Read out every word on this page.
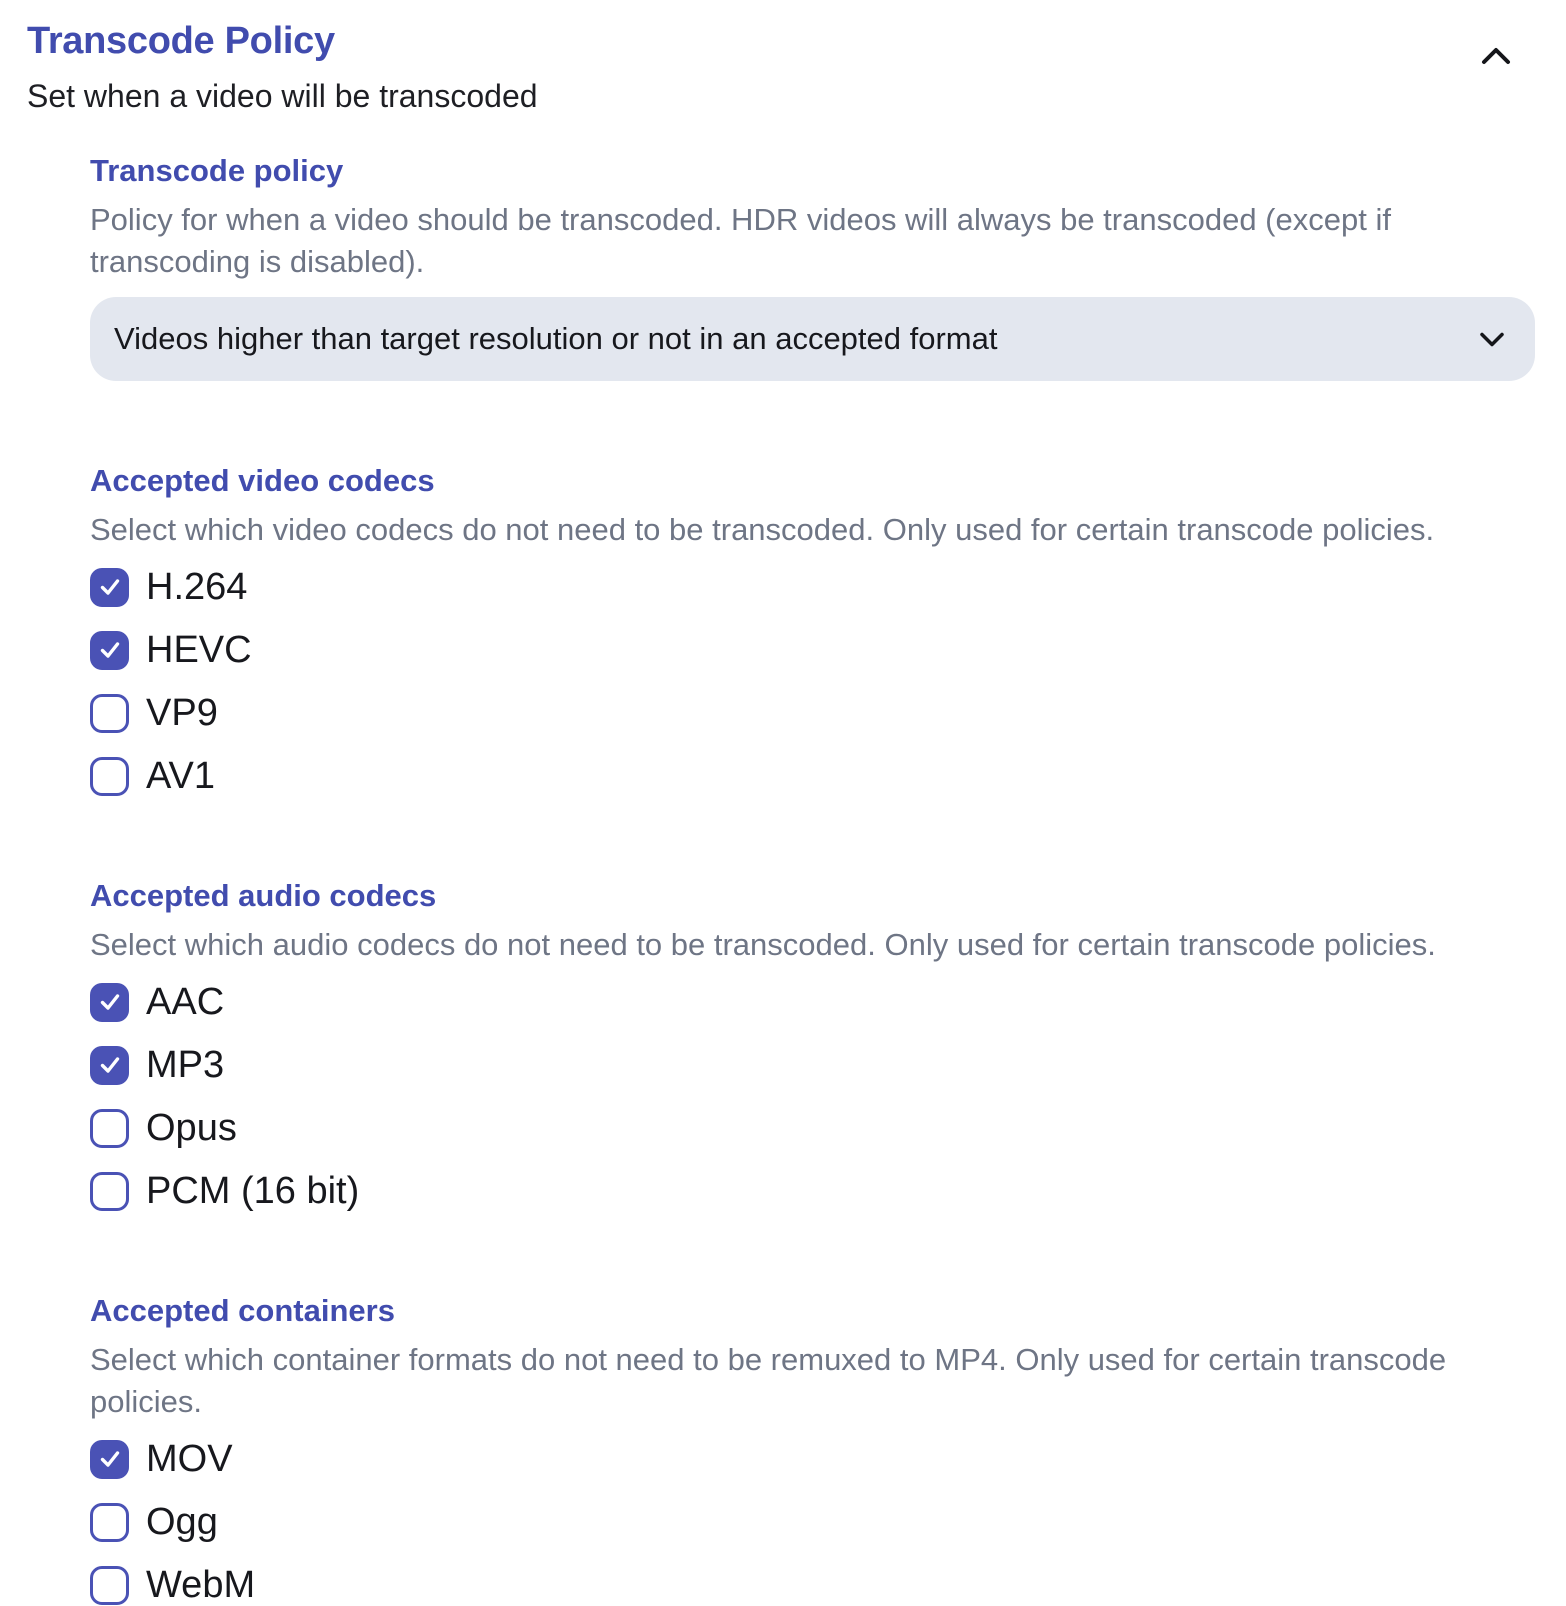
Transcode Policy

Set when a video will be transcoded

Transcode policy

Policy for when a video should be transcoded. HDR videos will always be transcoded (except if transcoding is disabled).

Videos higher than target resolution or not in an accepted format
Accepted video codecs

Select which video codecs do not need to be transcoded. Only used for certain transcode policies.

H.264
HEVC
VP9
AV1
Accepted audio codecs

Select which audio codecs do not need to be transcoded. Only used for certain transcode policies.

AAC
MP3
Opus
PCM (16 bit)
Accepted containers

Select which container formats do not need to be remuxed to MP4. Only used for certain transcode policies.

MOV
Ogg
WebM
